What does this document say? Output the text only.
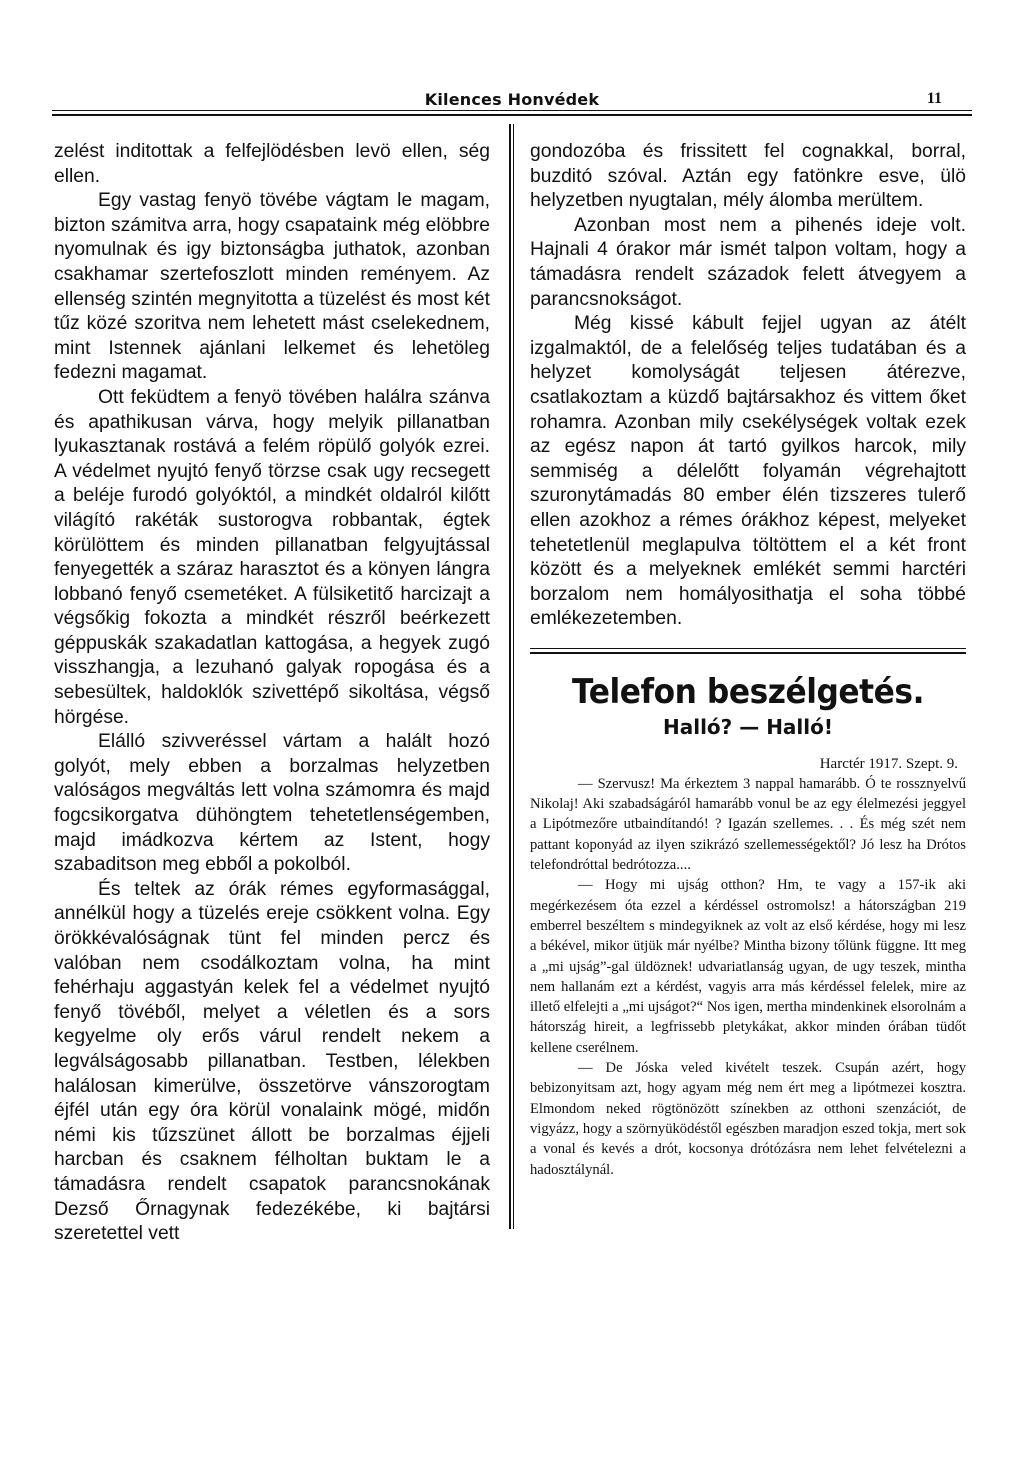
Kilences Honvédek	11

zelést inditottak a felfejlödésben levö ellen, ség ellen.

Egy vastag fenyö tövébe vágtam le magam, bizton számitva arra, hogy csapataink még elöbbre nyomulnak és igy biztonságba juthatok, azonban csakhamar szertefoszlott minden reményem. Az ellenség szintén megnyitotta a tüzelést és most két tűz közé szoritva nem lehetett mást cselekednem, mint Istennek ajánlani lelkemet és lehetöleg fedezni magamat.

Ott feküdtem a fenyö tövében halálra szánva és apathikusan várva, hogy melyik pillanatban lyukasztanak rostává a felém röpülő golyók ezrei. A védelmet nyujtó fenyő törzse csak ugy recsegett a beléje furodó golyóktól, a mindkét oldalról kilőtt világító rakéták sustorogva robbantak, égtek körülöttem és minden pillanatban felgyujtással fenyegették a száraz harasztot és a könyen lángra lobbanó fenyő csemetéket. A fülsiketitő harcizajt a végsőkig fokozta a mindkét részről beérkezett géppuskák szakadatlan kattogása, a hegyek zugó visszhangja, a lezuhanó galyak ropogása és a sebesültek, haldoklók szivettépő sikoltása, végső hörgése.

Elálló szivveréssel vártam a halált hozó golyót, mely ebben a borzalmas helyzetben valóságos megváltás lett volna számomra és majd fogcsikorgatva dühöngtem tehetetlenségemben, majd imádkozva kértem az Istent, hogy szabaditson meg ebből a pokolból.

És teltek az órák rémes egyformasággal, annélkül hogy a tüzelés ereje csökkent volna. Egy örökkévalóságnak tünt fel minden percz és valóban nem csodálkoztam volna, ha mint fehérhaju aggastyán kelek fel a védelmet nyujtó fenyő tövéből, melyet a véletlen és a sors kegyelme oly erős várul rendelt nekem a legválságosabb pillanatban. Testben, lélekben halálosan kimerülve, összetörve vánszorogtam éjfél után egy óra körül vonalaink mögé, midőn némi kis tűzszünet állott be borzalmas éjjeli harcban és csaknem félholtan buktam le a támadásra rendelt csapatok parancsnokának Dezső Őrnagynak fedezékébe, ki bajtársi szeretettel vett

gondozóba és frissitett fel cognakkal, borral, buzditó szóval. Aztán egy fatönkre esve, ülö helyzetben nyugtalan, mély álomba merültem.

Azonban most nem a pihenés ideje volt. Hajnali 4 órakor már ismét talpon voltam, hogy a támadásra rendelt századok felett átvegyem a parancsnokságot.

Még kissé kábult fejjel ugyan az átélt izgalmaktól, de a felelőség teljes tudatában és a helyzet komolyságát teljesen átérezve, csatlakoztam a küzdő bajtársakhoz és vittem őket rohamra. Azonban mily csekélységek voltak ezek az egész napon át tartó gyilkos harcok, mily semmiség a délelőtt folyamán végrehajtott szuronytámadás 80 ember élén tizszeres tulerő ellen azokhoz a rémes órákhoz képest, melyeket tehetetlenül meglapulva töltöttem el a két front között és a melyeknek emlékét semmi harctéri borzalom nem homályosithatja el soha többé emlékezetemben.

Telefon beszélgetés.
Halló? — Halló!
Harctér 1917. Szept. 9.

— Szervusz! Ma érkeztem 3 nappal hamarább. Ó te rossznyelvű Nikolaj! Aki szabadságáról hamarább vonul be az egy élelmezési jeggyel a Lipótmezőre utbaindítandó! ? Igazán szellemes. . . És még szét nem pattant koponyád az ilyen szikrázó szellemességektől? Jó lesz ha Drótos telefondróttal bedrótozza....

— Hogy mi ujság otthon? Hm, te vagy a 157-ik aki megérkezésem óta ezzel a kérdéssel ostromolsz! a hátországban 219 emberrel beszéltem s mindegyiknek az volt az első kérdése, hogy mi lesz a békével, mikor ütjük már nyélbe? Mintha bizony tőlünk függne. Itt meg a „mi ujság”-gal üldöznek! udvariatlanság ugyan, de ugy teszek, mintha nem hallanám ezt a kérdést, vagyis arra más kérdéssel felelek, mire az illető elfelejti a „mi ujságot?“ Nos igen, mertha mindenkinek elsorolnám a hátország hireit, a legfrissebb pletykákat, akkor minden órában tüdőt kellene cserélnem.

— De Jóska veled kivételt teszek. Csupán azért, hogy bebizonyitsam azt, hogy agyam még nem ért meg a lipótmezei kosztra. Elmondom neked rögtönözött színekben az otthoni szenzációt, de vigyázz, hogy a szörnyüködéstől egészben maradjon eszed tokja, mert sok a vonal és kevés a drót, kocsonya drótózásra nem lehet felvételezni a hadosztálynál.
